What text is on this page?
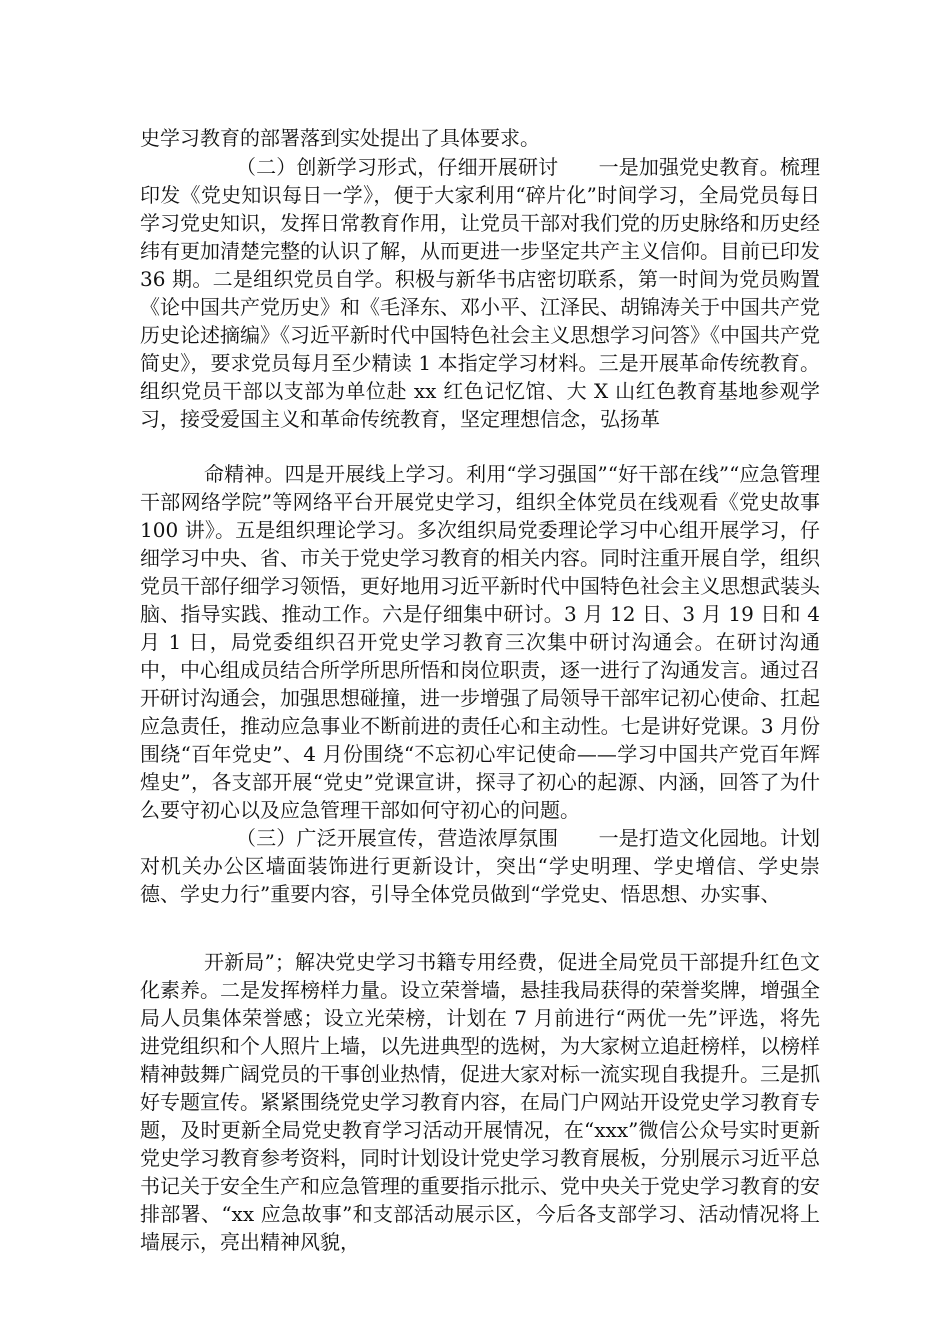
史学习教育的部署落到实处提出了具体要求。
（二）创新学习形式，仔细开展研讨　　一是加强党史教育。梳理印发《党史知识每日一学》，便于大家利用“碎片化”时间学习，全局党员每日学习党史知识，发挥日常教育作用，让党员干部对我们党的历史脉络和历史经纬有更加清楚完整的认识了解，从而更进一步坚定共产主义信仰。目前已印发 36 期。二是组织党员自学。积极与新华书店密切联系，第一时间为党员购置《论中国共产党历史》和《毛泽东、邓小平、江泽民、胡锦涛关于中国共产党历史论述摘编》《习近平新时代中国特色社会主义思想学习问答》《中国共产党简史》，要求党员每月至少精读 1 本指定学习材料。三是开展革命传统教育。组织党员干部以支部为单位赴 xx 红色记忆馆、大 X 山红色教育基地参观学习，接受爱国主义和革命传统教育，坚定理想信念，弘扬革
命精神。四是开展线上学习。利用“学习强国”“好干部在线”“应急管理干部网络学院”等网络平台开展党史学习，组织全体党员在线观看《党史故事 100 讲》。五是组织理论学习。多次组织局党委理论学习中心组开展学习，仔细学习中央、省、市关于党史学习教育的相关内容。同时注重开展自学，组织党员干部仔细学习领悟，更好地用习近平新时代中国特色社会主义思想武装头脑、指导实践、推动工作。六是仔细集中研讨。3 月 12 日、3 月 19 日和 4 月 1 日，局党委组织召开党史学习教育三次集中研讨沟通会。在研讨沟通中，中心组成员结合所学所思所悟和岗位职责，逐一进行了沟通发言。通过召开研讨沟通会，加强思想碰撞，进一步增强了局领导干部牢记初心使命、扛起应急责任，推动应急事业不断前进的责任心和主动性。七是讲好党课。3 月份围绕“百年党史”、4 月份围绕“不忘初心牢记使命——学习中国共产党百年辉煌史”，各支部开展“党史”党课宣讲，探寻了初心的起源、内涵，回答了为什么要守初心以及应急管理干部如何守初心的问题。
（三）广泛开展宣传，营造浓厚氛围　　一是打造文化园地。计划对机关办公区墙面装饰进行更新设计，突出“学史明理、学史增信、学史崇德、学史力行”重要内容，引导全体党员做到“学党史、悟思想、办实事、
开新局”；解决党史学习书籍专用经费，促进全局党员干部提升红色文化素养。二是发挥榜样力量。设立荣誉墙，悬挂我局获得的荣誉奖牌，增强全局人员集体荣誉感；设立光荣榜，计划在 7 月前进行“两优一先”评选，将先进党组织和个人照片上墙，以先进典型的选树，为大家树立追赶榜样，以榜样精神鼓舞广阔党员的干事创业热情，促进大家对标一流实现自我提升。三是抓好专题宣传。紧紧围绕党史学习教育内容，在局门户网站开设党史学习教育专题，及时更新全局党史教育学习活动开展情况，在“xxx”微信公众号实时更新党史学习教育参考资料，同时计划设计党史学习教育展板，分别展示习近平总书记关于安全生产和应急管理的重要指示批示、党中央关于党史学习教育的安排部署、“xx 应急故事”和支部活动展示区，今后各支部学习、活动情况将上墙展示，亮出精神风貌，
